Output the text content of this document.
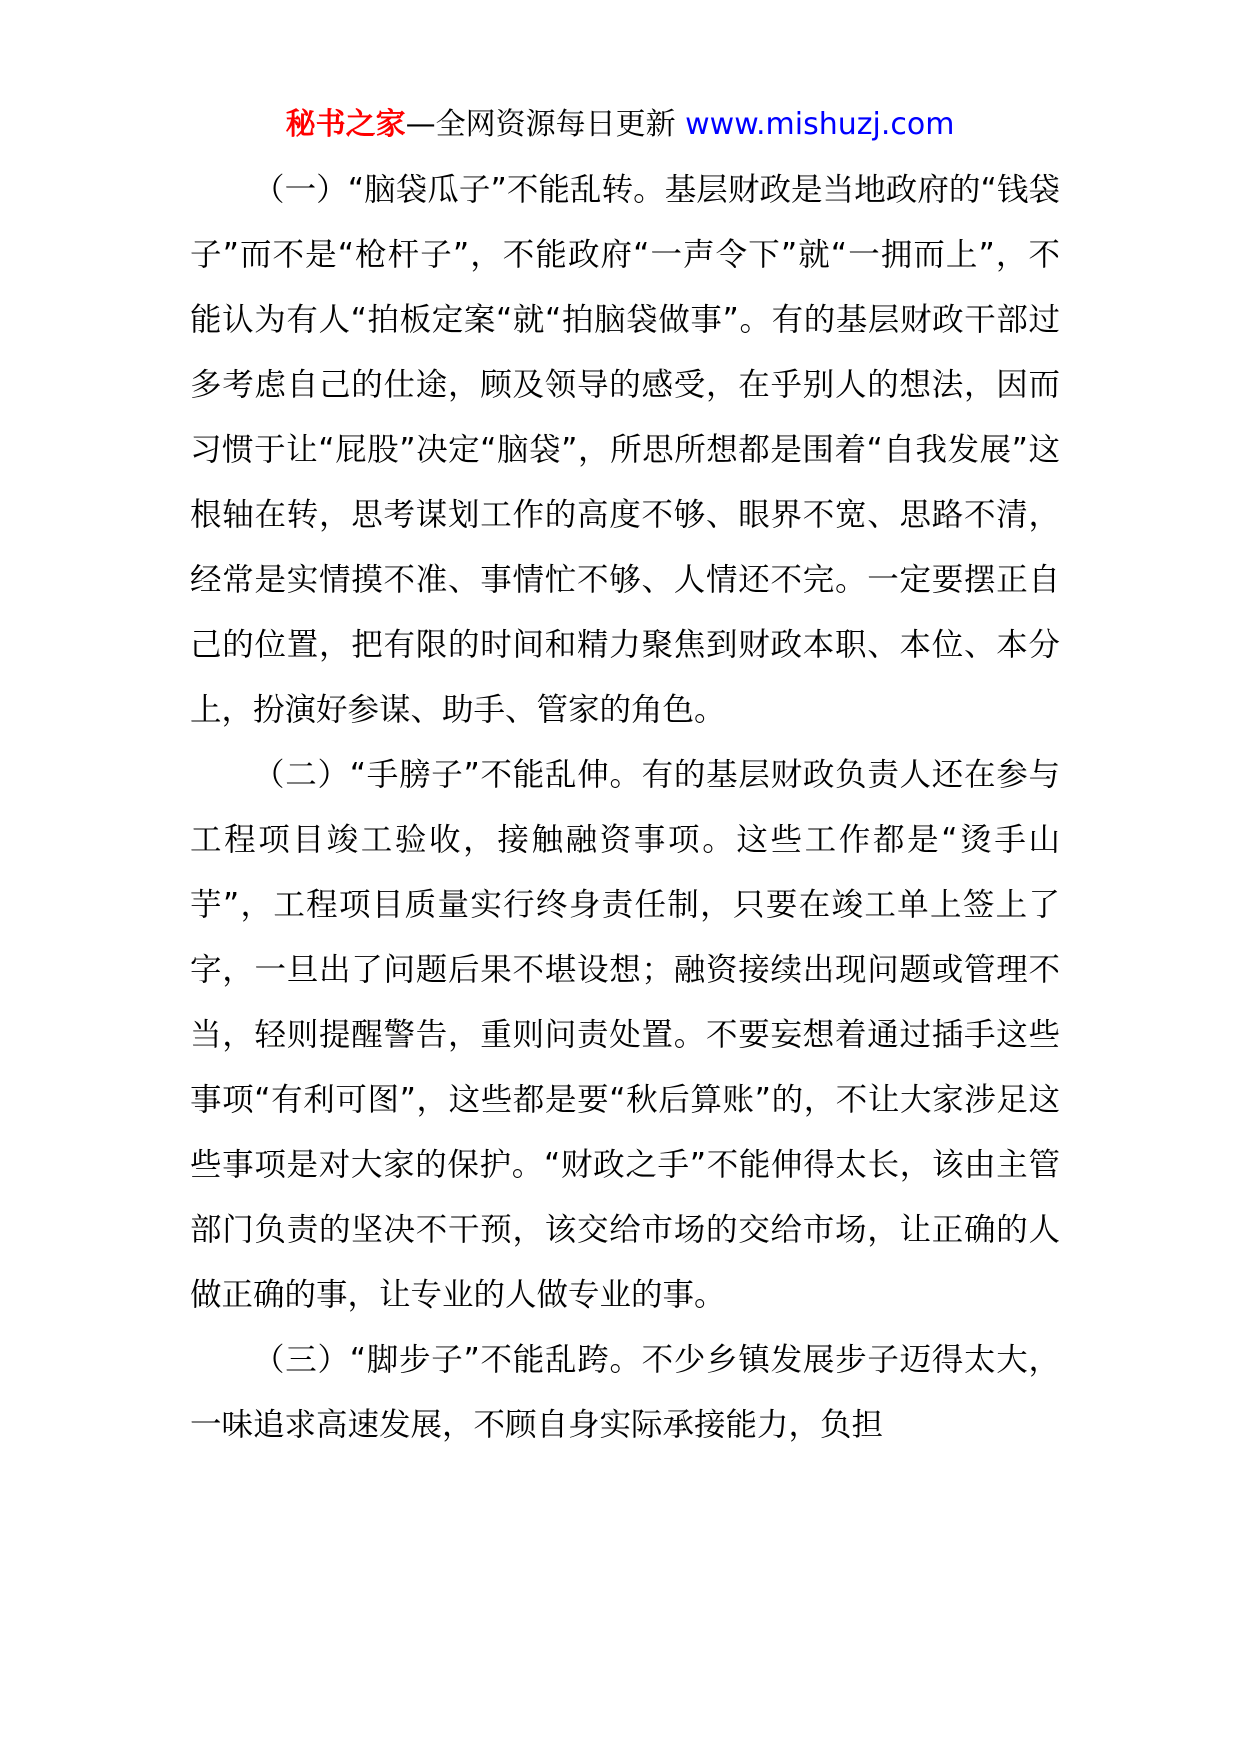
秘书之家—全网资源每日更新 www.mishuzj.com

（一）“脑袋瓜子”不能乱转。基层财政是当地政府的“钱袋子”而不是“枪杆子”，不能政府“一声令下”就“一拥而上”，不能认为有人“拍板定案“就“拍脑袋做事”。有的基层财政干部过多考虑自己的仕途，顾及领导的感受，在乎别人的想法，因而习惯于让“屁股”决定“脑袋”，所思所想都是围着“自我发展”这根轴在转，思考谋划工作的高度不够、眼界不宽、思路不清，经常是实情摸不准、事情忙不够、人情还不完。一定要摆正自己的位置，把有限的时间和精力聚焦到财政本职、本位、本分上，扮演好参谋、助手、管家的角色。

（二）“手膀子”不能乱伸。有的基层财政负责人还在参与工程项目竣工验收，接触融资事项。这些工作都是“烫手山芋”，工程项目质量实行终身责任制，只要在竣工单上签上了字，一旦出了问题后果不堪设想；融资接续出现问题或管理不当，轻则提醒警告，重则问责处置。不要妄想着通过插手这些事项“有利可图”，这些都是要“秋后算账”的，不让大家涉足这些事项是对大家的保护。“财政之手”不能伸得太长，该由主管部门负责的坚决不干预，该交给市场的交给市场，让正确的人做正确的事，让专业的人做专业的事。

（三）“脚步子”不能乱跨。不少乡镇发展步子迈得太大，一味追求高速发展，不顾自身实际承接能力，负担
